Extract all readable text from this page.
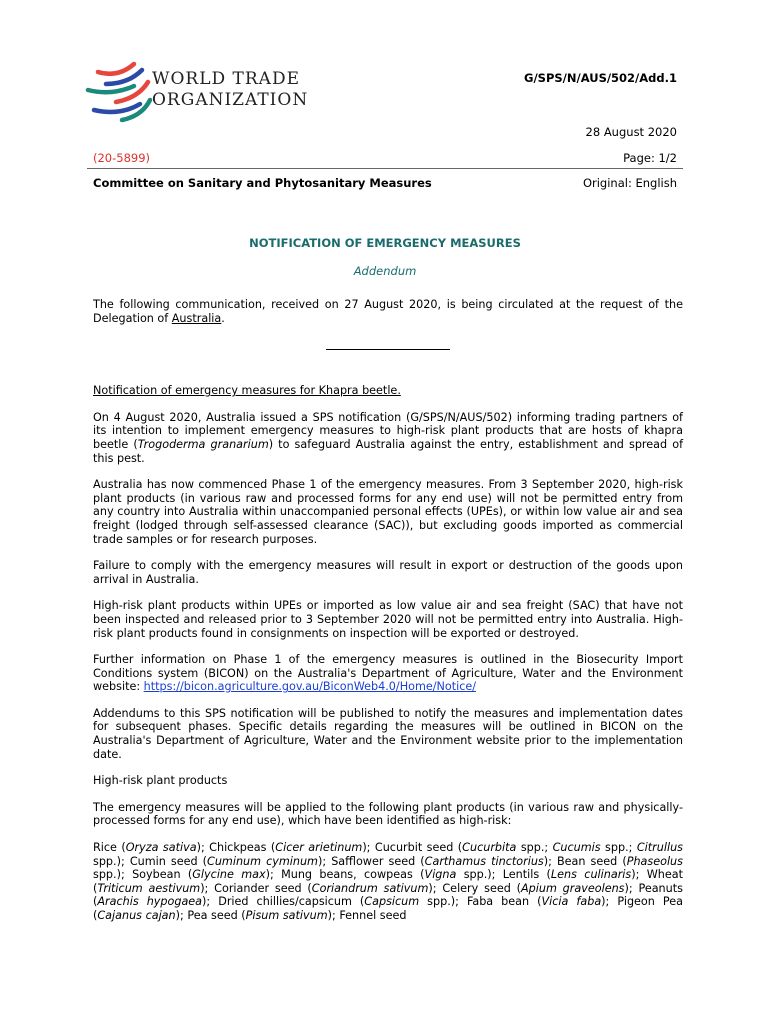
WORLD TRADE
ORGANIZATION
G/SPS/N/AUS/502/Add.1
28 August 2020
(20-5899)	Page: 1/2
Committee on Sanitary and Phytosanitary Measures	Original: English
NOTIFICATION OF EMERGENCY MEASURES
Addendum

The following communication, received on 27 August 2020, is being circulated at the request of the Delegation of Australia.

Notification of emergency measures for Khapra beetle.

On 4 August 2020, Australia issued a SPS notification (G/SPS/N/AUS/502) informing trading partners of its intention to implement emergency measures to high-risk plant products that are hosts of khapra beetle (Trogoderma granarium) to safeguard Australia against the entry, establishment and spread of this pest.

Australia has now commenced Phase 1 of the emergency measures. From 3 September 2020, high-risk plant products (in various raw and processed forms for any end use) will not be permitted entry from any country into Australia within unaccompanied personal effects (UPEs), or within low value air and sea freight (lodged through self-assessed clearance (SAC)), but excluding goods imported as commercial trade samples or for research purposes.

Failure to comply with the emergency measures will result in export or destruction of the goods upon arrival in Australia.

High-risk plant products within UPEs or imported as low value air and sea freight (SAC) that have not been inspected and released prior to 3 September 2020 will not be permitted entry into Australia. High-risk plant products found in consignments on inspection will be exported or destroyed.

Further information on Phase 1 of the emergency measures is outlined in the Biosecurity Import Conditions system (BICON) on the Australia's Department of Agriculture, Water and the Environment website: https://bicon.agriculture.gov.au/BiconWeb4.0/Home/Notice/

Addendums to this SPS notification will be published to notify the measures and implementation dates for subsequent phases. Specific details regarding the measures will be outlined in BICON on the Australia's Department of Agriculture, Water and the Environment website prior to the implementation date.

High-risk plant products

The emergency measures will be applied to the following plant products (in various raw and physically-processed forms for any end use), which have been identified as high-risk:

Rice (Oryza sativa); Chickpeas (Cicer arietinum); Cucurbit seed (Cucurbita spp.; Cucumis spp.; Citrullus spp.); Cumin seed (Cuminum cyminum); Safflower seed (Carthamus tinctorius); Bean seed (Phaseolus spp.); Soybean (Glycine max); Mung beans, cowpeas (Vigna spp.); Lentils (Lens culinaris); Wheat (Triticum aestivum); Coriander seed (Coriandrum sativum); Celery seed (Apium graveolens); Peanuts (Arachis hypogaea); Dried chillies/capsicum (Capsicum spp.); Faba bean (Vicia faba); Pigeon Pea (Cajanus cajan); Pea seed (Pisum sativum); Fennel seed
